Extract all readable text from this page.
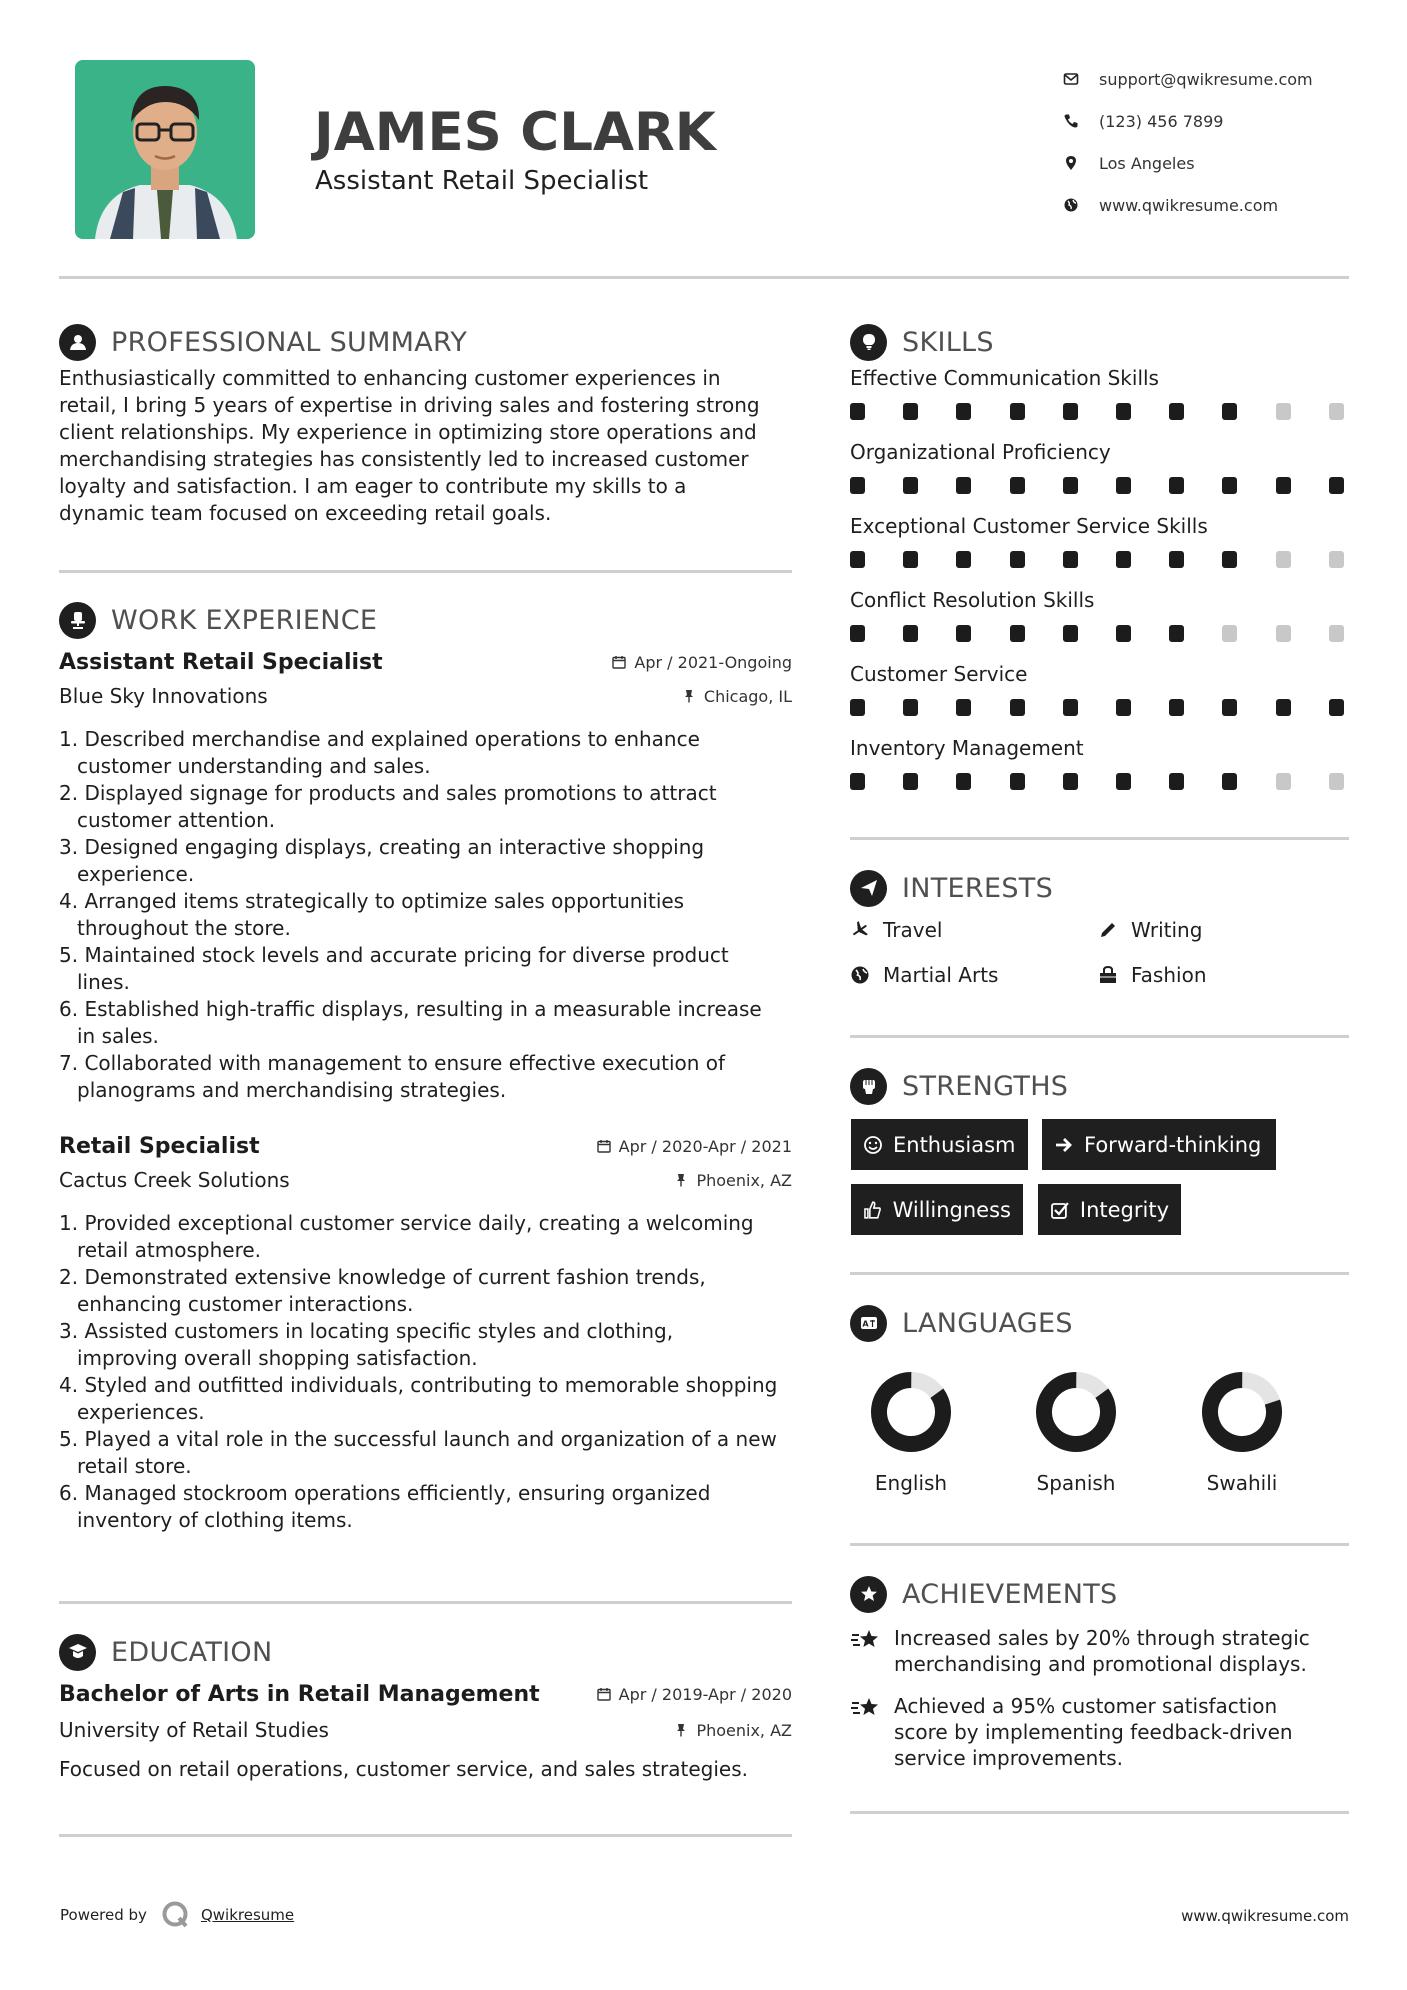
JAMES CLARK
Assistant Retail Specialist
support@qwikresume.com
(123) 456 7899
Los Angeles
www.qwikresume.com
PROFESSIONAL SUMMARY
Enthusiastically committed to enhancing customer experiences in
retail, I bring 5 years of expertise in driving sales and fostering strong
client relationships. My experience in optimizing store operations and
merchandising strategies has consistently led to increased customer
loyalty and satisfaction. I am eager to contribute my skills to a
dynamic team focused on exceeding retail goals.
WORK EXPERIENCE
Assistant Retail Specialist	Apr / 2021-Ongoing
Blue Sky Innovations	Chicago, IL
1. Described merchandise and explained operations to enhance
customer understanding and sales.
2. Displayed signage for products and sales promotions to attract
customer attention.
3. Designed engaging displays, creating an interactive shopping
experience.
4. Arranged items strategically to optimize sales opportunities
throughout the store.
5. Maintained stock levels and accurate pricing for diverse product
lines.
6. Established high-traffic displays, resulting in a measurable increase
in sales.
7. Collaborated with management to ensure effective execution of
planograms and merchandising strategies.
Retail Specialist	Apr / 2020-Apr / 2021
Cactus Creek Solutions	Phoenix, AZ
1. Provided exceptional customer service daily, creating a welcoming
retail atmosphere.
2. Demonstrated extensive knowledge of current fashion trends,
enhancing customer interactions.
3. Assisted customers in locating specific styles and clothing,
improving overall shopping satisfaction.
4. Styled and outfitted individuals, contributing to memorable shopping
experiences.
5. Played a vital role in the successful launch and organization of a new
retail store.
6. Managed stockroom operations efficiently, ensuring organized
inventory of clothing items.
EDUCATION
Bachelor of Arts in Retail Management	Apr / 2019-Apr / 2020
University of Retail Studies	Phoenix, AZ
Focused on retail operations, customer service, and sales strategies.
SKILLS
Effective Communication Skills
Organizational Proficiency
Exceptional Customer Service Skills
Conflict Resolution Skills
Customer Service
Inventory Management
INTERESTS
Travel	Writing
Martial Arts	Fashion
STRENGTHS
Enthusiasm	Forward-thinking
Willingness	Integrity
A LANGUAGES
English	Spanish	Swahili
ACHIEVEMENTS
Increased sales by 20% through strategic
merchandising and promotional displays.
Achieved a 95% customer satisfaction
score by implementing feedback-driven
service improvements.
Powered by	Qwikresume	www.qwikresume.com
